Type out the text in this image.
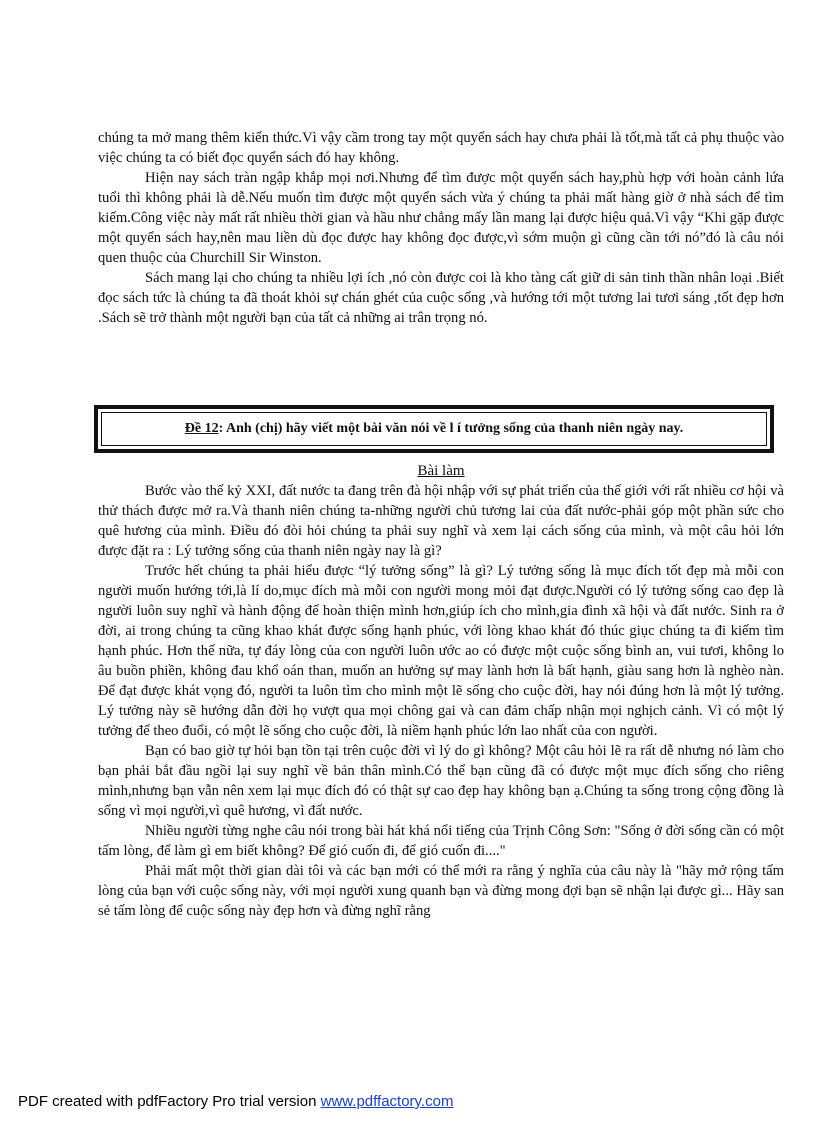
chúng ta mở mang thêm kiến thức.Vì vậy cầm trong tay một quyển sách hay chưa phải là tốt,mà tất cả phụ thuộc vào việc chúng ta có biết đọc quyển sách đó hay không.

Hiện nay sách tràn ngập khắp mọi nơi.Nhưng để tìm được một quyển sách hay,phù hợp với hoàn cảnh lứa tuổi thì không phải là dễ.Nếu muốn tìm được một quyển sách vừa ý chúng ta phải mất hàng giờ ở nhà sách để tìm kiếm.Công việc này mất rất nhiều thời gian và hầu như chẳng mấy lần mang lại được hiệu quả.Vì vậy “Khi gặp được một quyển sách hay,nên mau liền dù đọc được hay không đọc được,vì sớm muộn gì cũng cần tới nó”đó là câu nói quen thuộc của Churchill Sir Winston.

Sách mang lại cho chúng ta nhiều lợi ích ,nó còn được coi là kho tàng cất giữ di sản tinh thần nhân loại .Biết đọc sách tức là chúng ta đã thoát khỏi sự chán ghét của cuộc sống ,và hướng tới một tương lai tươi sáng ,tốt đẹp hơn .Sách sẽ trở thành một người bạn của tất cả những ai trân trọng nó.

Đề 12 : Anh (chị) hãy viết một bài văn nói về l í tưởng sống của thanh niên ngày nay.

Bài làm

Bước vào thế kỷ XXI, đất nước ta đang trên đà hội nhập với sự phát triển của thế giới với rất nhiều cơ hội và thử thách được mở ra.Và thanh niên chúng ta-những người chủ tương lai của đất nước-phải góp một phần sức cho quê hương của mình. Điều đó đòi hỏi chúng ta phải suy nghĩ và xem lại cách sống của mình, và một câu hỏi lớn được đặt ra : Lý tưởng sống của thanh niên ngày nay là gì?

Trước hết chúng ta phải hiểu được “lý tưởng sống” là gì? Lý tưởng sống là mục đích tốt đẹp mà mỗi con người muốn hướng tới,là lí do,mục đích mà mỗi con người mong mỏi đạt được.Người có lý tưởng sống cao đẹp là người luôn suy nghĩ và hành động để hoàn thiện mình hơn,giúp ích cho mình,gia đình xã hội và đất nước. Sinh ra ở đời, ai trong chúng ta cũng khao khát được sống hạnh phúc, với lòng khao khát đó thúc giục chúng ta đi kiếm tìm hạnh phúc. Hơn thế nữa, tự đáy lòng của con người luôn ước ao có được một cuộc sống bình an, vui tươi, không lo âu buồn phiền, không đau khổ oán than, muốn an hưởng sự may lành hơn là bất hạnh, giàu sang hơn là nghèo nàn. Để đạt được khát vọng đó, người ta luôn tìm cho mình một lẽ sống cho cuộc đời, hay nói đúng hơn là một lý tưởng. Lý tưởng này sẽ hướng dẫn đời họ vượt qua mọi chông gai và can đảm chấp nhận mọi nghịch cảnh. Vì có một lý tưởng để theo đuổi, có một lẽ sống cho cuộc đời, là niềm hạnh phúc lớn lao nhất của con người.

Bạn có bao giờ tự hỏi bạn tồn tại trên cuộc đời vì lý do gì không? Một câu hỏi lẽ ra rất dễ nhưng nó làm cho bạn phải bắt đầu ngồi lại suy nghĩ về bản thân mình.Có thể bạn cũng đã có được một mục đích sống cho riêng mình,nhưng bạn vẫn nên xem lại mục đích đó có thật sự cao đẹp hay không bạn ạ.Chúng ta sống trong cộng đồng là sống vì mọi người,vì quê hương, vì đất nước.

Nhiều người từng nghe câu nói trong bài hát khá nổi tiếng của Trịnh Công Sơn: "Sống ở đời sống cần có một tấm lòng, để làm gì em biết không? Để gió cuốn đi, để gió cuốn đi...."

Phải mất một thời gian dài tôi và các bạn mới có thể mới ra rằng ý nghĩa của câu này là "hãy mở rộng tấm lòng của bạn với cuộc sống này, với mọi người xung quanh bạn và đừng mong đợi bạn sẽ nhận lại được gì... Hãy san sẻ tấm lòng để cuộc sống này đẹp hơn và đừng nghĩ rằng

PDF created with pdfFactory Pro trial version www.pdffactory.com
